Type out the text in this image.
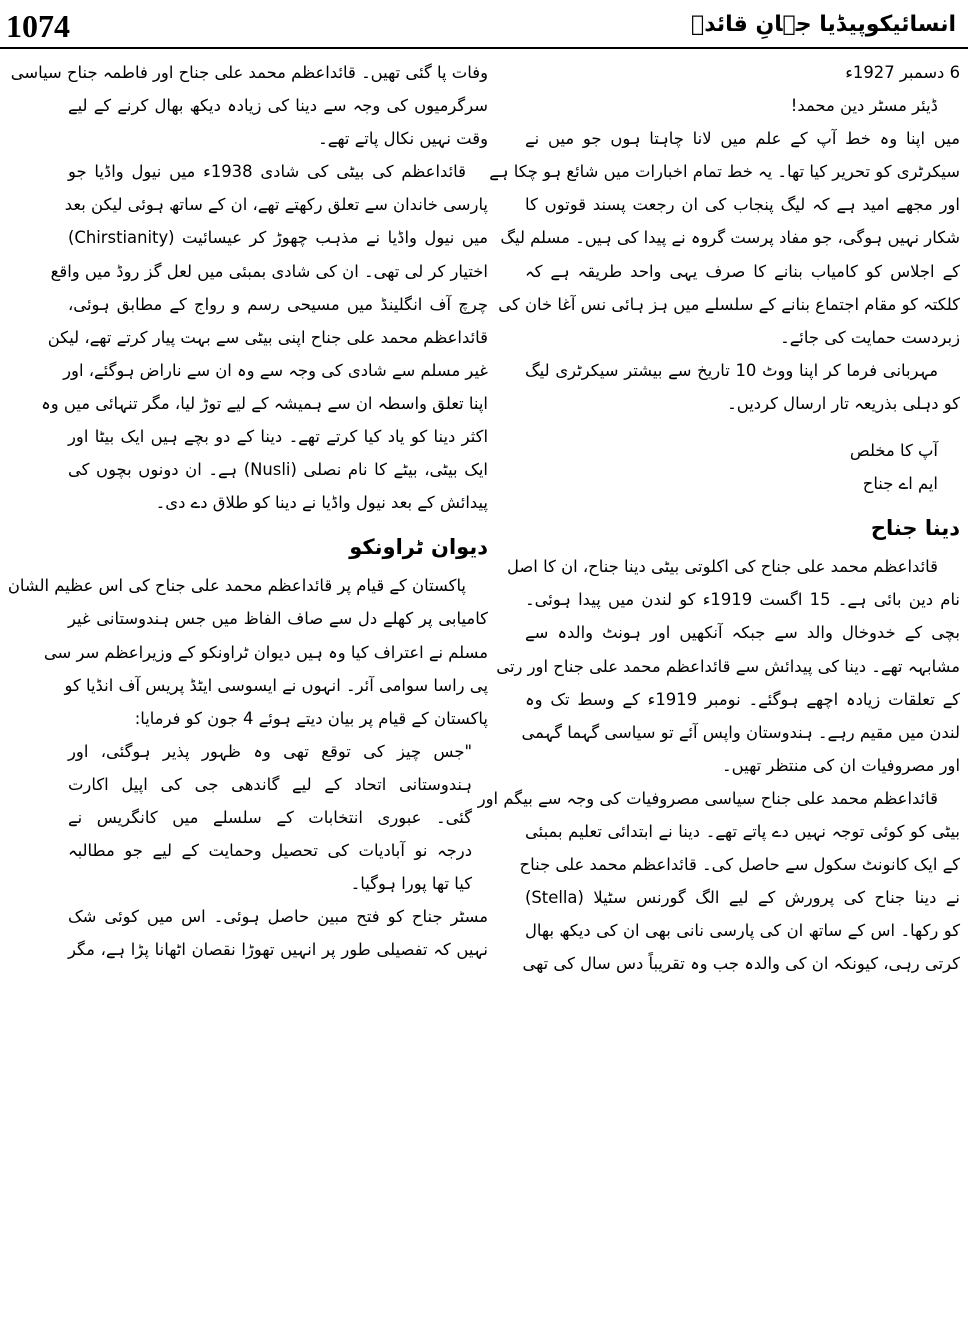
1074	انسائیکوپیڈیا جہانِ قائدؒ
6 دسمبر 1927ء
ڈیئر مسٹر دین محمد!
میں اپنا وہ خط آپ کے علم میں لانا چاہتا ہوں جو میں نے
سیکرٹری کو تحریر کیا تھا۔ یہ خط تمام اخبارات میں شائع ہو چکا ہے
اور مجھے امید ہے کہ لیگ پنجاب کی ان رجعت پسند قوتوں کا
شکار نہیں ہوگی، جو مفاد پرست گروہ نے پیدا کی ہیں۔ مسلم لیگ
کے اجلاس کو کامیاب بنانے کا صرف یہی واحد طریقہ ہے کہ
کلکتہ کو مقام اجتماع بنانے کے سلسلے میں ہز ہائی نس آغا خان کی
زبردست حمایت کی جائے۔
مہربانی فرما کر اپنا ووٹ 10 تاریخ سے بیشتر سیکرٹری لیگ
کو دہلی بذریعہ تار ارسال کردیں۔
آپ کا مخلص
ایم اے جناح
دینا جناح
قائداعظم محمد علی جناح کی اکلوتی بیٹی دینا جناح، ان کا اصل
نام دین بائی ہے۔ 15 اگست 1919ء کو لندن میں پیدا ہوئی۔
بچی کے خدوخال والد سے جبکہ آنکھیں اور ہونٹ والدہ سے
مشابہہ تھے۔ دینا کی پیدائش سے قائداعظم محمد علی جناح اور رتی
کے تعلقات زیادہ اچھے ہوگئے۔ نومبر 1919ء کے وسط تک وہ
لندن میں مقیم رہے۔ ہندوستان واپس آئے تو سیاسی گہما گہمی
اور مصروفیات ان کی منتظر تھیں۔
قائداعظم محمد علی جناح سیاسی مصروفیات کی وجہ سے بیگم اور
بیٹی کو کوئی توجہ نہیں دے پاتے تھے۔ دینا نے ابتدائی تعلیم بمبئی
کے ایک کانونٹ سکول سے حاصل کی۔ قائداعظم محمد علی جناح
نے دینا جناح کی پرورش کے لیے الگ گورنس سٹیلا (Stella)
کو رکھا۔ اس کے ساتھ ان کی پارسی نانی بھی ان کی دیکھ بھال
کرتی رہی، کیونکہ ان کی والدہ جب وہ تقریباً دس سال کی تھی
وفات پا گئی تھیں۔ قائداعظم محمد علی جناح اور فاطمہ جناح سیاسی
سرگرمیوں کی وجہ سے دینا کی زیادہ دیکھ بھال کرنے کے لیے
وقت نہیں نکال پاتے تھے۔
قائداعظم کی بیٹی کی شادی 1938ء میں نیول واڈیا جو
پارسی خاندان سے تعلق رکھتے تھے، ان کے ساتھ ہوئی لیکن بعد
میں نیول واڈیا نے مذہب چھوڑ کر عیسائیت (Chirstianity)
اختیار کر لی تھی۔ ان کی شادی بمبئی میں لعل گز روڈ میں واقع
چرچ آف انگلینڈ میں مسیحی رسم و رواج کے مطابق ہوئی،
قائداعظم محمد علی جناح اپنی بیٹی سے بہت پیار کرتے تھے، لیکن
غیر مسلم سے شادی کی وجہ سے وہ ان سے ناراض ہوگئے، اور
اپنا تعلق واسطہ ان سے ہمیشہ کے لیے توڑ لیا، مگر تنہائی میں وہ
اکثر دینا کو یاد کیا کرتے تھے۔ دینا کے دو بچے ہیں ایک بیٹا اور
ایک بیٹی، بیٹے کا نام نصلی (Nusli) ہے۔ ان دونوں بچوں کی
پیدائش کے بعد نیول واڈیا نے دینا کو طلاق دے دی۔
دیوان ٹراونکو
پاکستان کے قیام پر قائداعظم محمد علی جناح کی اس عظیم الشان
کامیابی پر کھلے دل سے صاف الفاظ میں جس ہندوستانی غیر
مسلم نے اعتراف کیا وہ ہیں دیوان ٹراونکو کے وزیراعظم سر سی
پی راسا سوامی آئر۔ انہوں نے ایسوسی ایٹڈ پریس آف انڈیا کو
پاکستان کے قیام پر بیان دیتے ہوئے 4 جون کو فرمایا:
"جس چیز کی توقع تھی وہ ظہور پذیر ہوگئی، اور
ہندوستانی اتحاد کے لیے گاندھی جی کی اپیل اکارت
گئی۔ عبوری انتخابات کے سلسلے میں کانگریس نے
درجہ نو آبادیات کی تحصیل وحمایت کے لیے جو مطالبہ
کیا تھا پورا ہوگیا۔
مسٹر جناح کو فتح مبین حاصل ہوئی۔ اس میں کوئی شک
نہیں کہ تفصیلی طور پر انہیں تھوڑا نقصان اٹھانا پڑا ہے، مگر
